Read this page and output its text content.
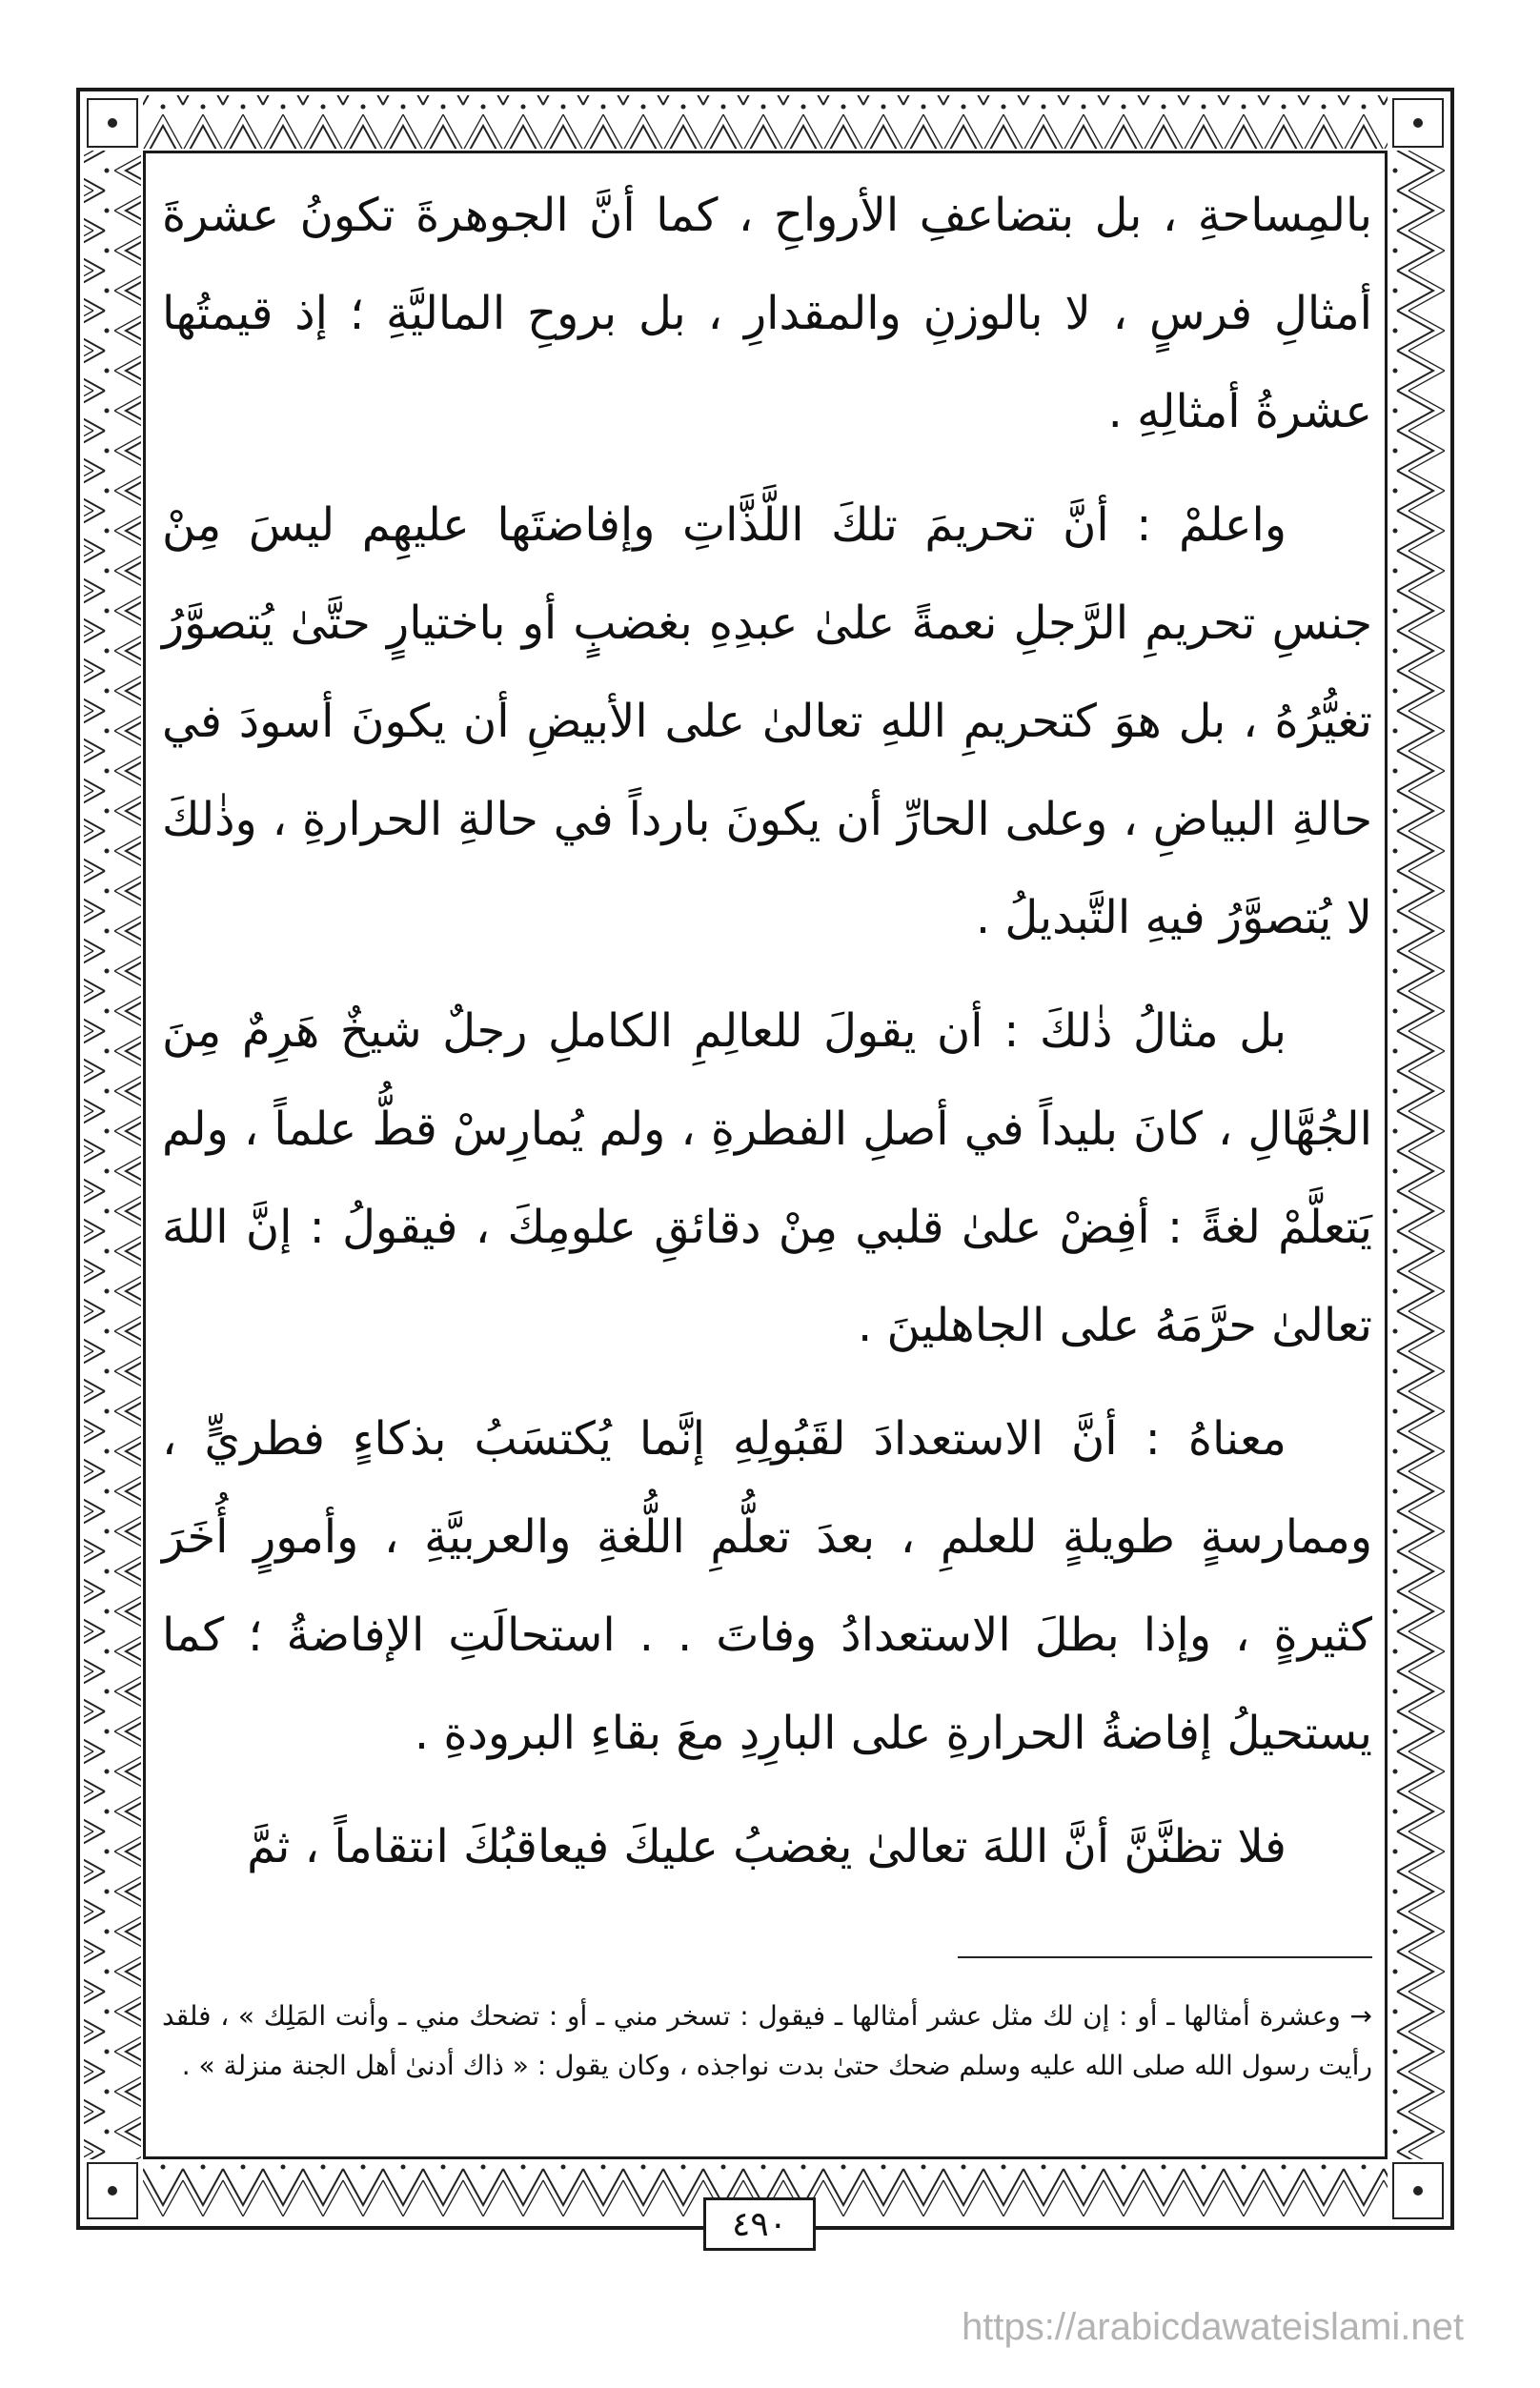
بالمِساحةِ ، بل بتضاعفِ الأرواحِ ، كما أنَّ الجوهرةَ تكونُ عشرةَ أمثالِ فرسٍ ، لا بالوزنِ والمقدارِ ، بل بروحِ الماليَّةِ ؛ إذ قيمتُها عشرةُ أمثالِهِ .

واعلمْ : أنَّ تحريمَ تلكَ اللَّذَّاتِ وإفاضتَها عليهِم ليسَ مِنْ جنسِ تحريمِ الرَّجلِ نعمةً علىٰ عبدِهِ بغضبٍ أو باختيارٍ حتَّىٰ يُتصوَّرُ تغيُّرُهُ ، بل هوَ كتحريمِ اللهِ تعالىٰ على الأبيضِ أن يكونَ أسودَ في حالةِ البياضِ ، وعلى الحارِّ أن يكونَ بارداً في حالةِ الحرارةِ ، وذٰلكَ لا يُتصوَّرُ فيهِ التَّبديلُ .

بل مثالُ ذٰلكَ : أن يقولَ للعالِمِ الكاملِ رجلٌ شيخٌ هَرِمٌ مِنَ الجُهَّالِ ، كانَ بليداً في أصلِ الفطرةِ ، ولم يُمارِسْ قطُّ علماً ، ولم يَتعلَّمْ لغةً : أفِضْ علىٰ قلبي مِنْ دقائقِ علومِكَ ، فيقولُ : إنَّ اللهَ تعالىٰ حرَّمَهُ على الجاهلينَ .

معناهُ : أنَّ الاستعدادَ لقَبُولِهِ إنَّما يُكتسَبُ بذكاءٍ فطريٍّ ، وممارسةٍ طويلةٍ للعلمِ ، بعدَ تعلُّمِ اللُّغةِ والعربيَّةِ ، وأمورٍ أُخَرَ كثيرةٍ ، وإذا بطلَ الاستعدادُ وفاتَ . . استحالَتِ الإفاضةُ ؛ كما يستحيلُ إفاضةُ الحرارةِ على البارِدِ معَ بقاءِ البرودةِ .

فلا تظنَّنَّ أنَّ اللهَ تعالىٰ يغضبُ عليكَ فيعاقبُكَ انتقاماً ، ثمَّ

→ وعشرة أمثالها ـ أو : إن لك مثل عشر أمثالها ـ فيقول : تسخر مني ـ أو : تضحك مني ـ وأنت المَلِك » ، فلقد رأيت رسول الله صلى الله عليه وسلم ضحك حتىٰ بدت نواجذه ، وكان يقول : « ذاك أدنىٰ أهل الجنة منزلة » .

٤٩٠
https://arabicdawateislami.net
